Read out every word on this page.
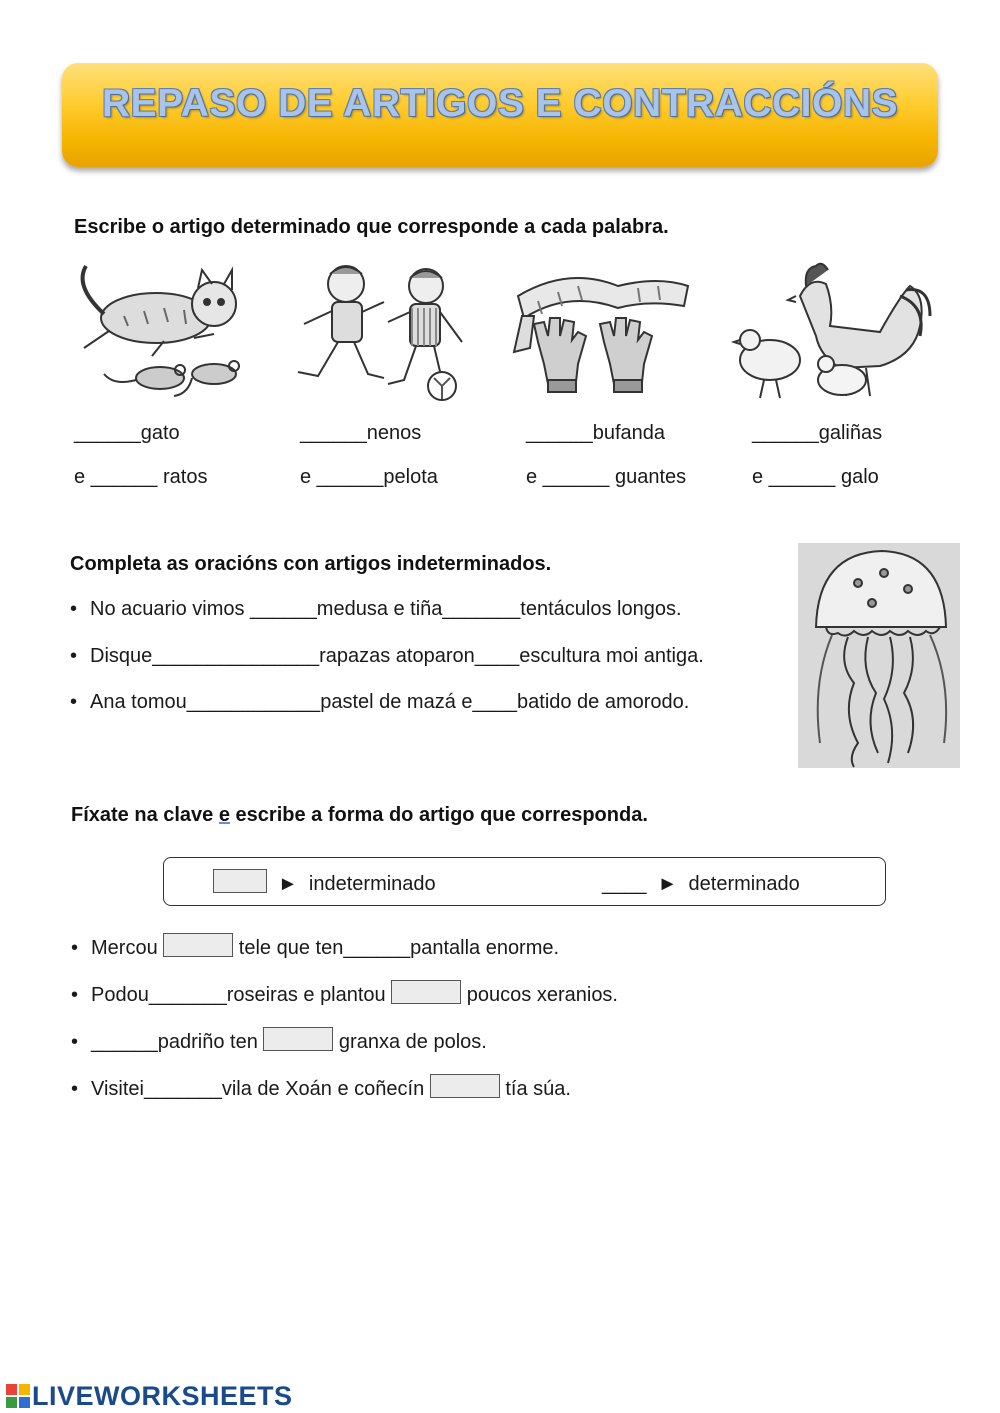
REPASO DE ARTIGOS E CONTRACCIÓNS
Escribe o artigo determinado que corresponde a cada palabra.
______gato
e ______ ratos
______nenos
e ______pelota
______bufanda
e ______ guantes
______galiñas
e ______ galo
Completa as oracións con artigos indeterminados.
• No acuario vimos ______medusa e tiña_______tentáculos longos.
• Disque_______________rapazas atoparon____escultura moi antiga.
• Ana tomou____________pastel de mazá e____batido de amorodo.
Fíxate na clave e escribe a forma do artigo que corresponda.
► indeterminado	____ ► determinado
• Mercou	tele que ten______pantalla enorme.
• Podou_______roseiras e plantou	poucos xeranios.
• ______padriño ten	granxa de polos.
• Visitei_______vila de Xoán e coñecín	tía súa.
LIVEWORKSHEETS
